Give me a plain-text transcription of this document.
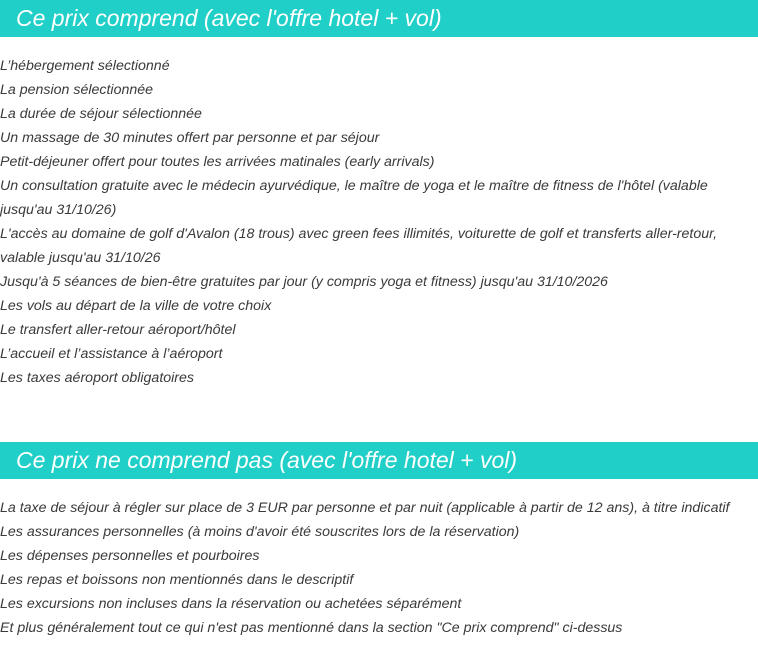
Ce prix comprend (avec l'offre hotel + vol)
L’hébergement sélectionné
La pension sélectionnée
La durée de séjour sélectionnée
Un massage de 30 minutes offert par personne et par séjour
Petit-déjeuner offert pour toutes les arrivées matinales (early arrivals)
Un consultation gratuite avec le médecin ayurvédique, le maître de yoga et le maître de fitness de l'hôtel (valable jusqu'au 31/10/26)
L'accès au domaine de golf d'Avalon (18 trous) avec green fees illimités, voiturette de golf et transferts aller-retour, valable jusqu'au 31/10/26
Jusqu'à 5 séances de bien-être gratuites par jour (y compris yoga et fitness) jusqu'au 31/10/2026
Les vols au départ de la ville de votre choix
Le transfert aller-retour aéroport/hôtel
L’accueil et l’assistance à l’aéroport
Les taxes aéroport obligatoires
Ce prix ne comprend pas (avec l'offre hotel + vol)
La taxe de séjour à régler sur place de 3 EUR par personne et par nuit (applicable à partir de 12 ans), à titre indicatif
Les assurances personnelles (à moins d'avoir été souscrites lors de la réservation)
Les dépenses personnelles et pourboires
Les repas et boissons non mentionnés dans le descriptif
Les excursions non incluses dans la réservation ou achetées séparément
Et plus généralement tout ce qui n'est pas mentionné dans la section "Ce prix comprend" ci-dessus
